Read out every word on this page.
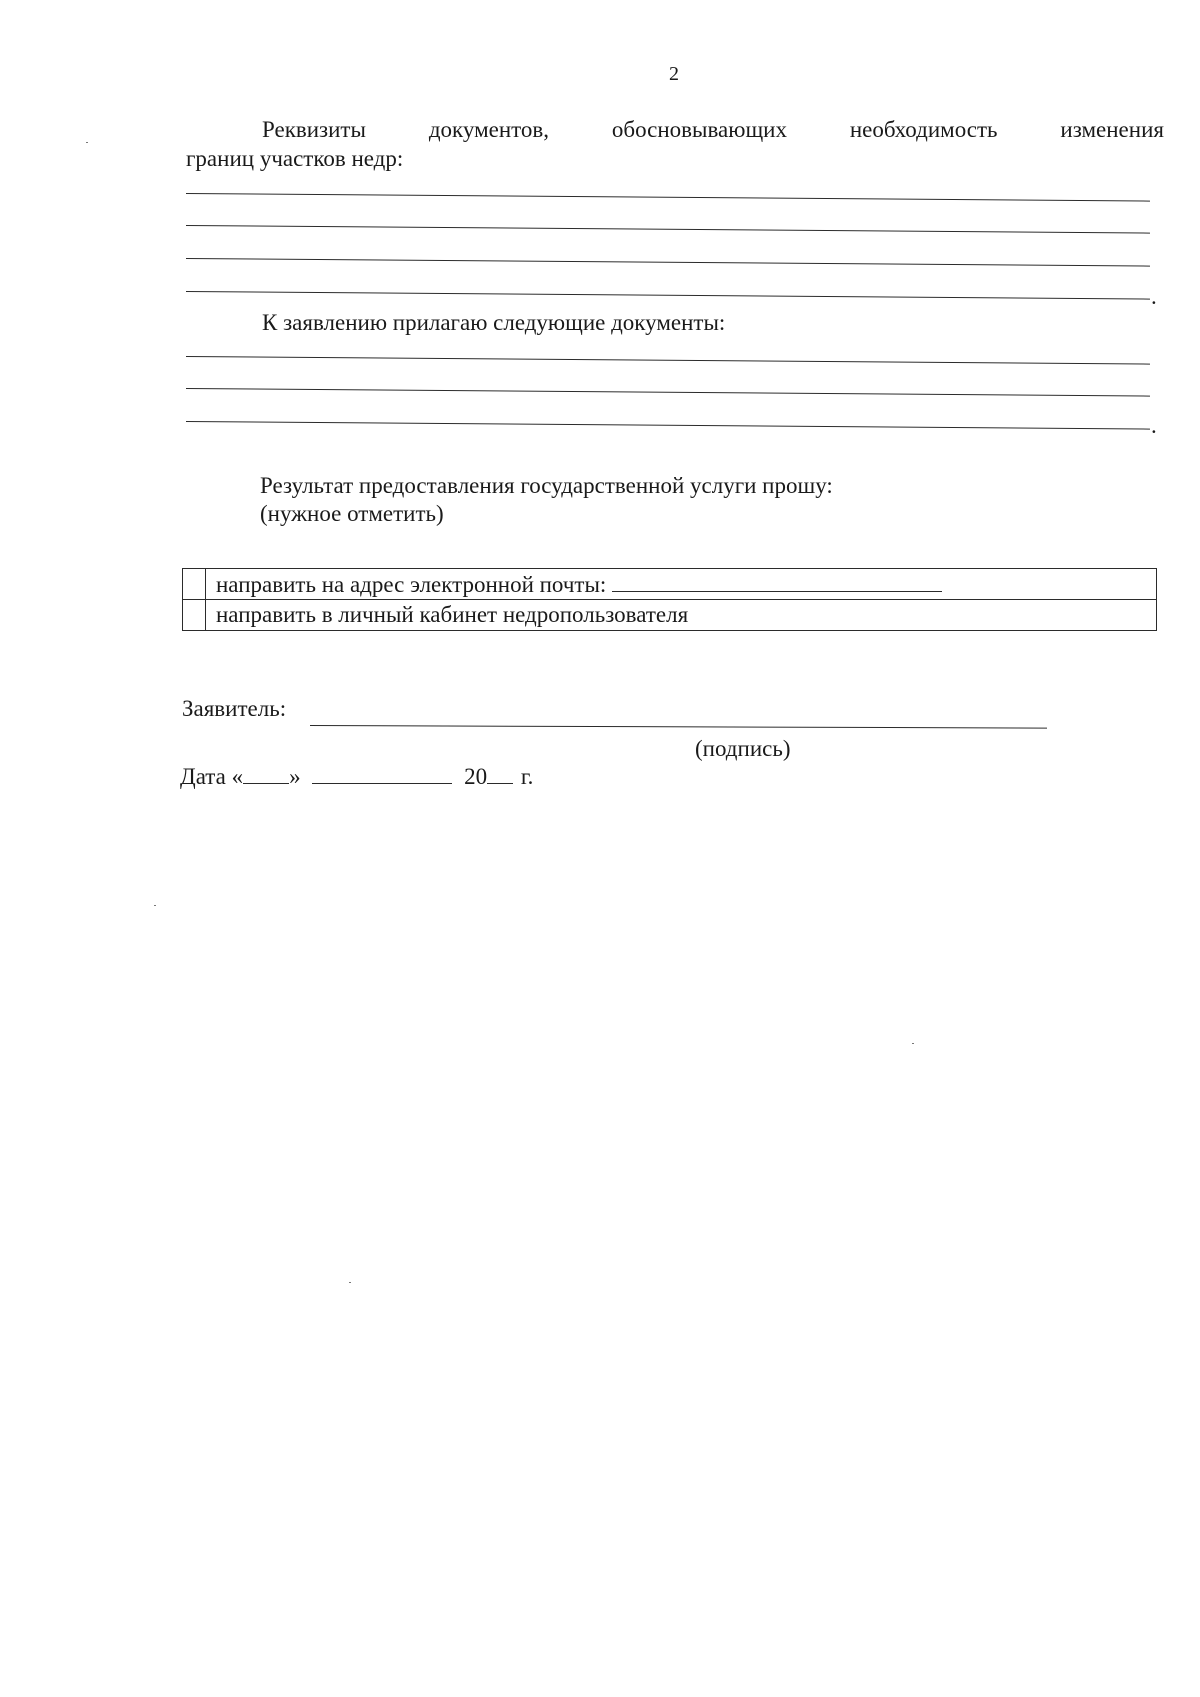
2
Реквизиты	документов,	обосновывающих	необходимость	изменения
границ участков недр:
.
К заявлению прилагаю следующие документы:
.
Результат предоставления государственной услуги прошу:
(нужное отметить)
	направить на адрес электронной почты:
	направить в личный кабинет недропользователя
Заявитель:
(подпись)
Дата « »	20 г.
